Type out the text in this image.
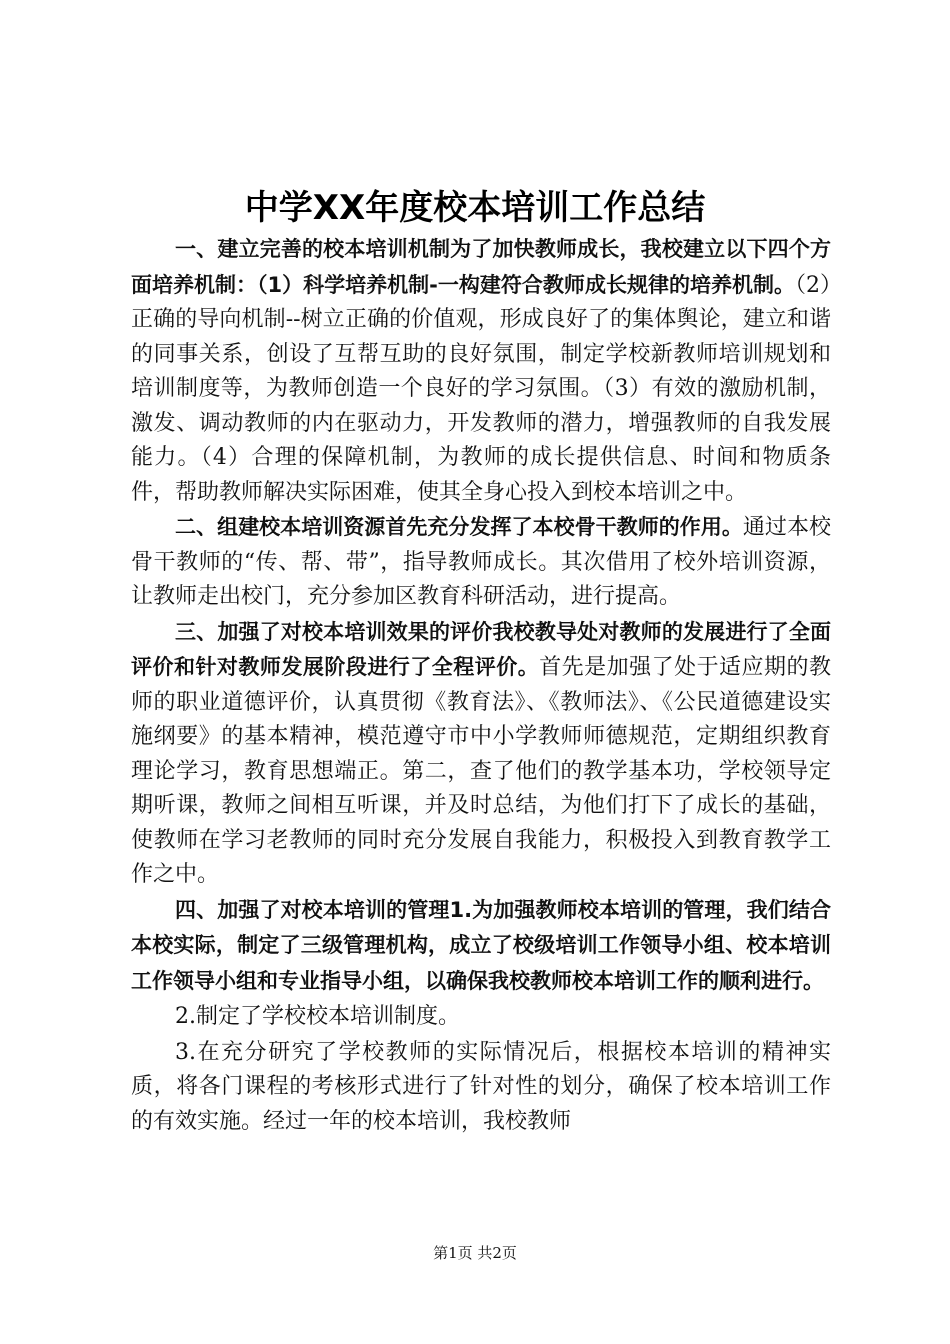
中学XX年度校本培训工作总结

一、建立完善的校本培训机制为了加快教师成长，我校建立以下四个方面培养机制：（1）科学培养机制-一构建符合教师成长规律的培养机制。（2）正确的导向机制--树立正确的价值观，形成良好了的集体舆论，建立和谐的同事关系，创设了互帮互助的良好氛围，制定学校新教师培训规划和培训制度等，为教师创造一个良好的学习氛围。（3）有效的激励机制，激发、调动教师的内在驱动力，开发教师的潜力，增强教师的自我发展能力。（4）合理的保障机制，为教师的成长提供信息、时间和物质条件，帮助教师解决实际困难，使其全身心投入到校本培训之中。

二、组建校本培训资源首先充分发挥了本校骨干教师的作用。通过本校骨干教师的“传、帮、带”，指导教师成长。其次借用了校外培训资源，让教师走出校门，充分参加区教育科研活动，进行提高。

三、加强了对校本培训效果的评价我校教导处对教师的发展进行了全面评价和针对教师发展阶段进行了全程评价。首先是加强了处于适应期的教师的职业道德评价，认真贯彻《教育法》、《教师法》、《公民道德建设实施纲要》的基本精神，模范遵守市中小学教师师德规范，定期组织教育理论学习，教育思想端正。第二，查了他们的教学基本功，学校领导定期听课，教师之间相互听课，并及时总结，为他们打下了成长的基础，使教师在学习老教师的同时充分发展自我能力，积极投入到教育教学工作之中。

四、加强了对校本培训的管理1.为加强教师校本培训的管理，我们结合本校实际，制定了三级管理机构，成立了校级培训工作领导小组、校本培训工作领导小组和专业指导小组，以确保我校教师校本培训工作的顺利进行。

2.制定了学校校本培训制度。

3.在充分研究了学校教师的实际情况后，根据校本培训的精神实质，将各门课程的考核形式进行了针对性的划分，确保了校本培训工作的有效实施。经过一年的校本培训，我校教师

第1页 共2页
